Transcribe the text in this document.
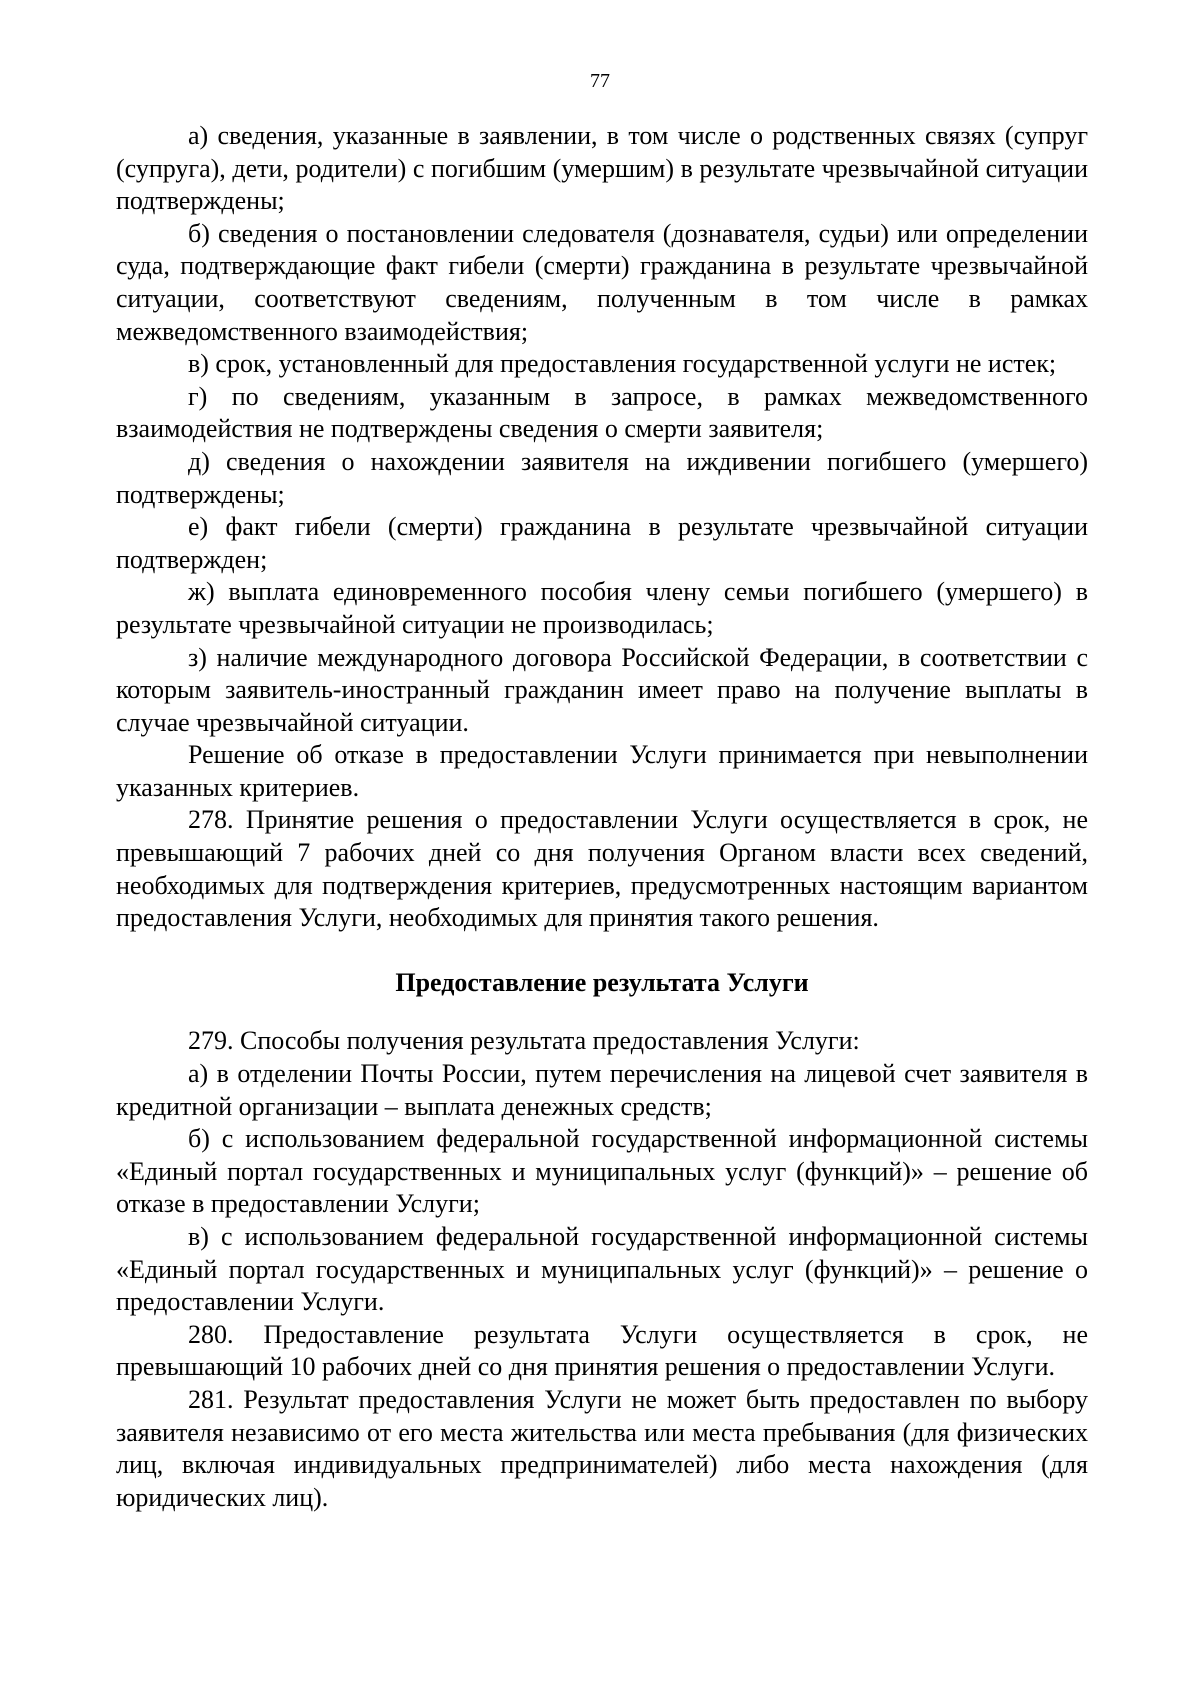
77

а) сведения, указанные в заявлении, в том числе о родственных связях (супруг (супруга), дети, родители) с погибшим (умершим) в результате чрезвычайной ситуации подтверждены;

б) сведения о постановлении следователя (дознавателя, судьи) или определении суда, подтверждающие факт гибели (смерти) гражданина в результате чрезвычайной ситуации, соответствуют сведениям, полученным в том числе в рамках межведомственного взаимодействия;

в) срок, установленный для предоставления государственной услуги не истек;

г) по сведениям, указанным в запросе, в рамках межведомственного взаимодействия не подтверждены сведения о смерти заявителя;

д) сведения о нахождении заявителя на иждивении погибшего (умершего) подтверждены;

е) факт гибели (смерти) гражданина в результате чрезвычайной ситуации подтвержден;

ж) выплата единовременного пособия члену семьи погибшего (умершего) в результате чрезвычайной ситуации не производилась;

з) наличие международного договора Российской Федерации, в соответствии с которым заявитель-иностранный гражданин имеет право на получение выплаты в случае чрезвычайной ситуации.

Решение об отказе в предоставлении Услуги принимается при невыполнении указанных критериев.

278. Принятие решения о предоставлении Услуги осуществляется в срок, не превышающий 7 рабочих дней со дня получения Органом власти всех сведений, необходимых для подтверждения критериев, предусмотренных настоящим вариантом предоставления Услуги, необходимых для принятия такого решения.

Предоставление результата Услуги

279. Способы получения результата предоставления Услуги:

а) в отделении Почты России, путем перечисления на лицевой счет заявителя в кредитной организации – выплата денежных средств;

б) с использованием федеральной государственной информационной системы «Единый портал государственных и муниципальных услуг (функций)» – решение об отказе в предоставлении Услуги;

в) с использованием федеральной государственной информационной системы «Единый портал государственных и муниципальных услуг (функций)» – решение о предоставлении Услуги.

280. Предоставление результата Услуги осуществляется в срок, не превышающий 10 рабочих дней со дня принятия решения о предоставлении Услуги.

281. Результат предоставления Услуги не может быть предоставлен по выбору заявителя независимо от его места жительства или места пребывания (для физических лиц, включая индивидуальных предпринимателей) либо места нахождения (для юридических лиц).
